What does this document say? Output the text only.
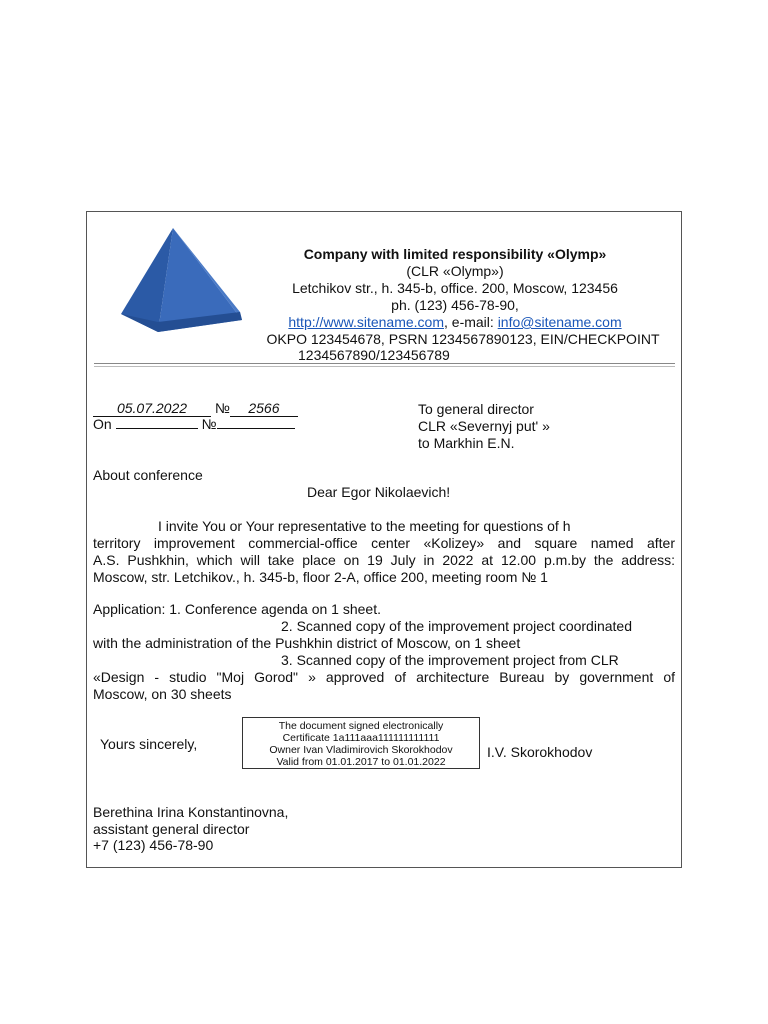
Company with limited responsibility «Olymp»
(CLR «Olymp»)
Letchikov str., h. 345-b, office. 200, Moscow, 123456
ph. (123) 456-78-90,
http://www.sitename.com, e-mail: info@sitename.com
OKPO 123454678, PSRN 1234567890123, EIN/CHECKPOINT
1234567890/123456789
05.07.2022 № 2566
On	№
To general director
CLR «Severnyj put' »
to Markhin E.N.
About conference
Dear Egor Nikolaevich!
I invite You or Your representative to the meeting for questions of h
territory improvement commercial-office center «Kolizey» and square named after
A.S. Pushkhin, which will take place on 19 July in 2022 at 12.00 p.m.by the address:
Moscow, str. Letchikov., h. 345-b, floor 2-A, office 200, meeting room № 1
Application: 1. Conference agenda on 1 sheet.
2. Scanned copy of the improvement project coordinated
with the administration of the Pushkhin district of Moscow, on 1 sheet
3. Scanned copy of the improvement project from CLR
«Design - studio "Moj Gorod" » approved of architecture Bureau by government of
Moscow, on 30 sheets
Yours sincerely,
The document signed electronically
Certificate 1a111aaa111111111111
Owner Ivan Vladimirovich Skorokhodov
Valid from 01.01.2017 to 01.01.2022
I.V. Skorokhodov
Berethina Irina Konstantinovna,
assistant general director
+7 (123) 456-78-90
